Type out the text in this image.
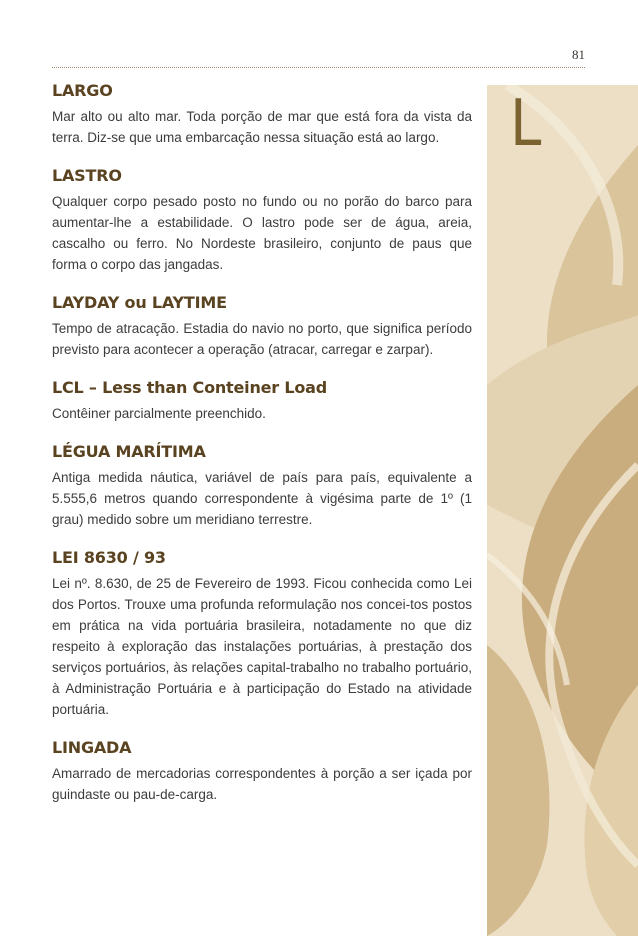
81
L
LARGO

Mar alto ou alto mar. Toda porção de mar que está fora da vista da terra. Diz-se que uma embarcação nessa situação está ao largo.

LASTRO

Qualquer corpo pesado posto no fundo ou no porão do barco para aumentar-lhe a estabilidade. O lastro pode ser de água, areia, cascalho ou ferro. No Nordeste brasileiro, conjunto de paus que forma o corpo das jangadas.

LAYDAY ou LAYTIME

Tempo de atracação. Estadia do navio no porto, que significa período previsto para acontecer a operação (atracar, carregar e zarpar).

LCL – Less than Conteiner Load

Contêiner parcialmente preenchido.

LÉGUA MARÍTIMA

Antiga medida náutica, variável de país para país, equivalente a 5.555,6 metros quando correspondente à vigésima parte de 1º (1 grau) medido sobre um meridiano terrestre.

LEI 8630 / 93

Lei nº. 8.630, de 25 de Fevereiro de 1993. Ficou conhecida como Lei dos Portos. Trouxe uma profunda reformulação nos concei-tos postos em prática na vida portuária brasileira, notadamente no que diz respeito à exploração das instalações portuárias, à prestação dos serviços portuários, às relações capital-trabalho no trabalho portuário, à Administração Portuária e à participação do Estado na atividade portuária.

LINGADA

Amarrado de mercadorias correspondentes à porção a ser içada por guindaste ou pau-de-carga.
